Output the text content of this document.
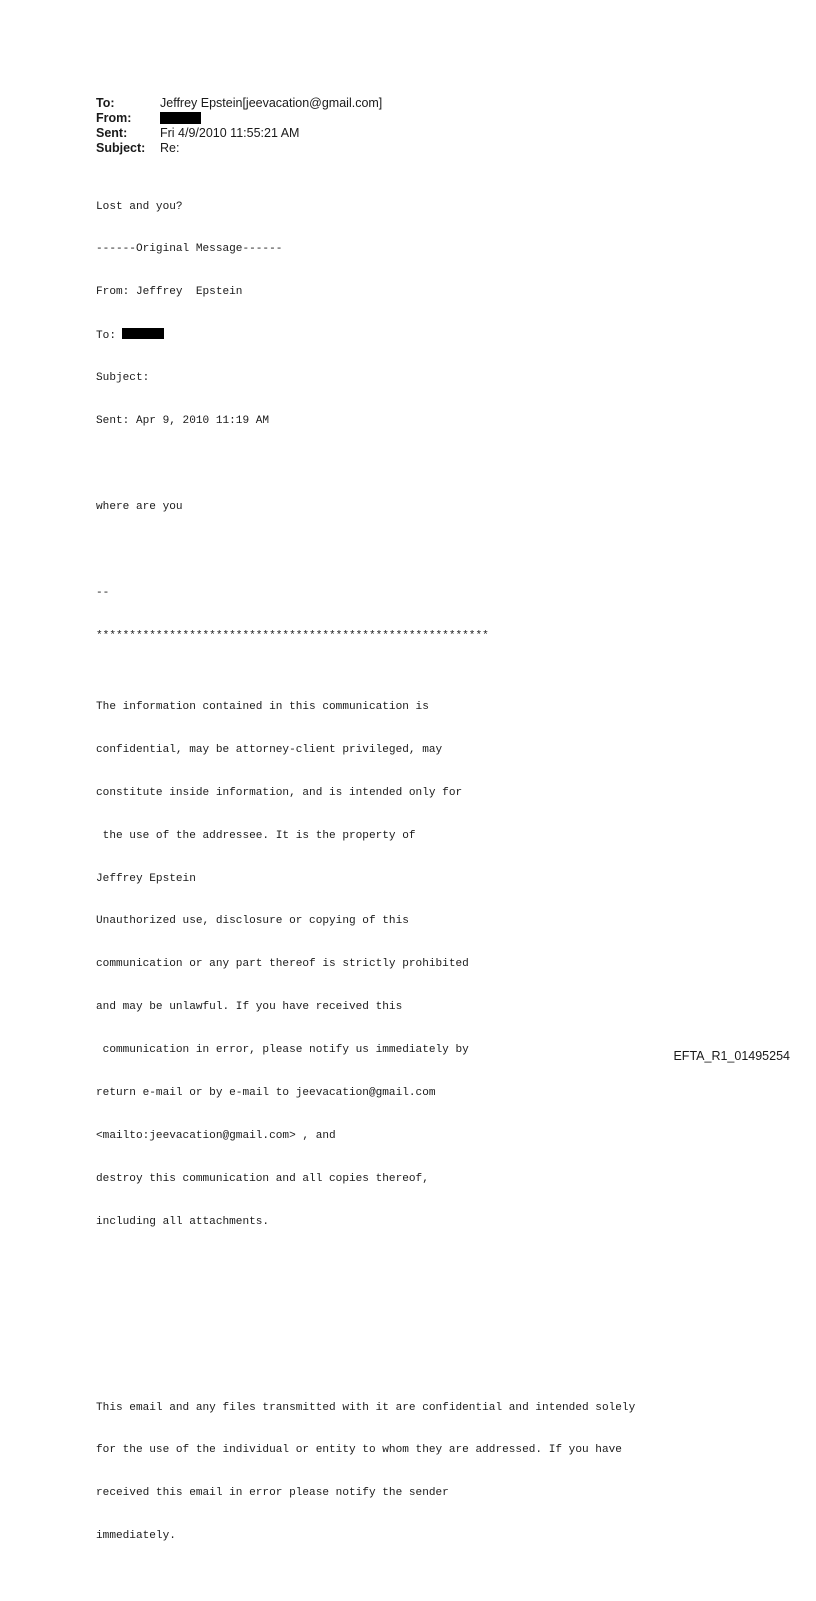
To:	Jeffrey Epstein[jeevacation@gmail.com]
From:
Sent:	Fri 4/9/2010 11:55:21 AM
Subject:	Re:

Lost and you?

------Original Message------

From: Jeffrey  Epstein

To:

Subject:

Sent: Apr 9, 2010 11:19 AM

where are you

--

***********************************************************

The information contained in this communication is

confidential, may be attorney-client privileged, may

constitute inside information, and is intended only for

the use of the addressee. It is the property of

Jeffrey Epstein

Unauthorized use, disclosure or copying of this

communication or any part thereof is strictly prohibited

and may be unlawful. If you have received this

communication in error, please notify us immediately by

return e-mail or by e-mail to jeevacation@gmail.com

<mailto:jeevacation@gmail.com> , and

destroy this communication and all copies thereof,

including all attachments.

This email and any files transmitted with it are confidential and intended solely

for the use of the individual or entity to whom they are addressed. If you have

received this email in error please notify the sender

immediately.

EFTA_R1_01495254
